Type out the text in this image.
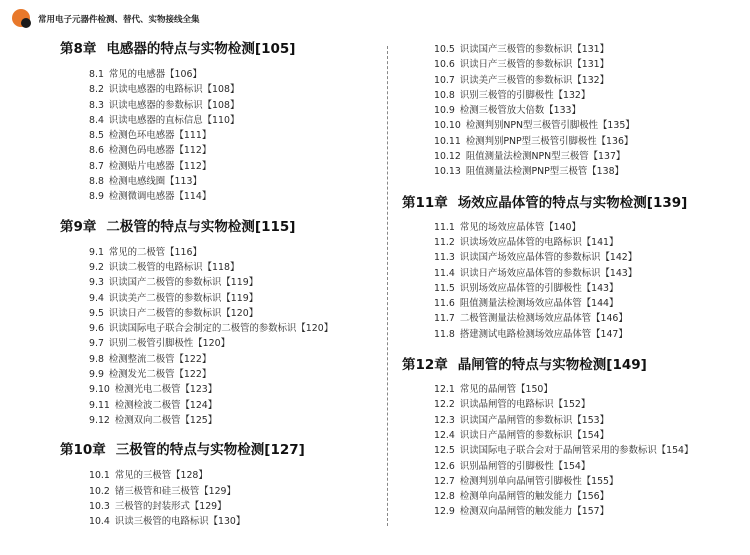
常用电子元器件检测、替代、实物接线全集
第8章 电感器的特点与实物检测[105]
8.1 常见的电感器【106】
8.2 识读电感器的电路标识【108】
8.3 识读电感器的参数标识【108】
8.4 识读电感器的直标信息【110】
8.5 检测色环电感器【111】
8.6 检测色码电感器【112】
8.7 检测贴片电感器【112】
8.8 检测电感线圈【113】
8.9 检测微调电感器【114】
第9章 二极管的特点与实物检测[115]
9.1 常见的二极管【116】
9.2 识读二极管的电路标识【118】
9.3 识读国产二极管的参数标识【119】
9.4 识读美产二极管的参数标识【119】
9.5 识读日产二极管的参数标识【120】
9.6 识读国际电子联合会制定的二极管的参数标识【120】
9.7 识别二极管引脚极性【120】
9.8 检测整流二极管【122】
9.9 检测发光二极管【122】
9.10 检测光电二极管【123】
9.11 检测检波二极管【124】
9.12 检测双向二极管【125】
第10章 三极管的特点与实物检测[127]
10.1 常见的三极管【128】
10.2 锗三极管和硅三极管【129】
10.3 三极管的封装形式【129】
10.4 识读三极管的电路标识【130】
10.5 识读国产三极管的参数标识【131】
10.6 识读日产三极管的参数标识【131】
10.7 识读美产三极管的参数标识【132】
10.8 识别三极管的引脚极性【132】
10.9 检测三极管放大倍数【133】
10.10 检测判别NPN型三极管引脚极性【135】
10.11 检测判别PNP型三极管引脚极性【136】
10.12 阻值测量法检测NPN型三极管【137】
10.13 阻值测量法检测PNP型三极管【138】
第11章 场效应晶体管的特点与实物检测[139]
11.1 常见的场效应晶体管【140】
11.2 识读场效应晶体管的电路标识【141】
11.3 识读国产场效应晶体管的参数标识【142】
11.4 识读日产场效应晶体管的参数标识【143】
11.5 识别场效应晶体管的引脚极性【143】
11.6 阻值测量法检测场效应晶体管【144】
11.7 二极管测量法检测场效应晶体管【146】
11.8 搭建测试电路检测场效应晶体管【147】
第12章 晶闸管的特点与实物检测[149]
12.1 常见的晶闸管【150】
12.2 识读晶闸管的电路标识【152】
12.3 识读国产晶闸管的参数标识【153】
12.4 识读日产晶闸管的参数标识【154】
12.5 识读国际电子联合会对于晶闸管采用的参数标识【154】
12.6 识别晶闸管的引脚极性【154】
12.7 检测判别单向晶闸管引脚极性【155】
12.8 检测单向晶闸管的触发能力【156】
12.9 检测双向晶闸管的触发能力【157】
